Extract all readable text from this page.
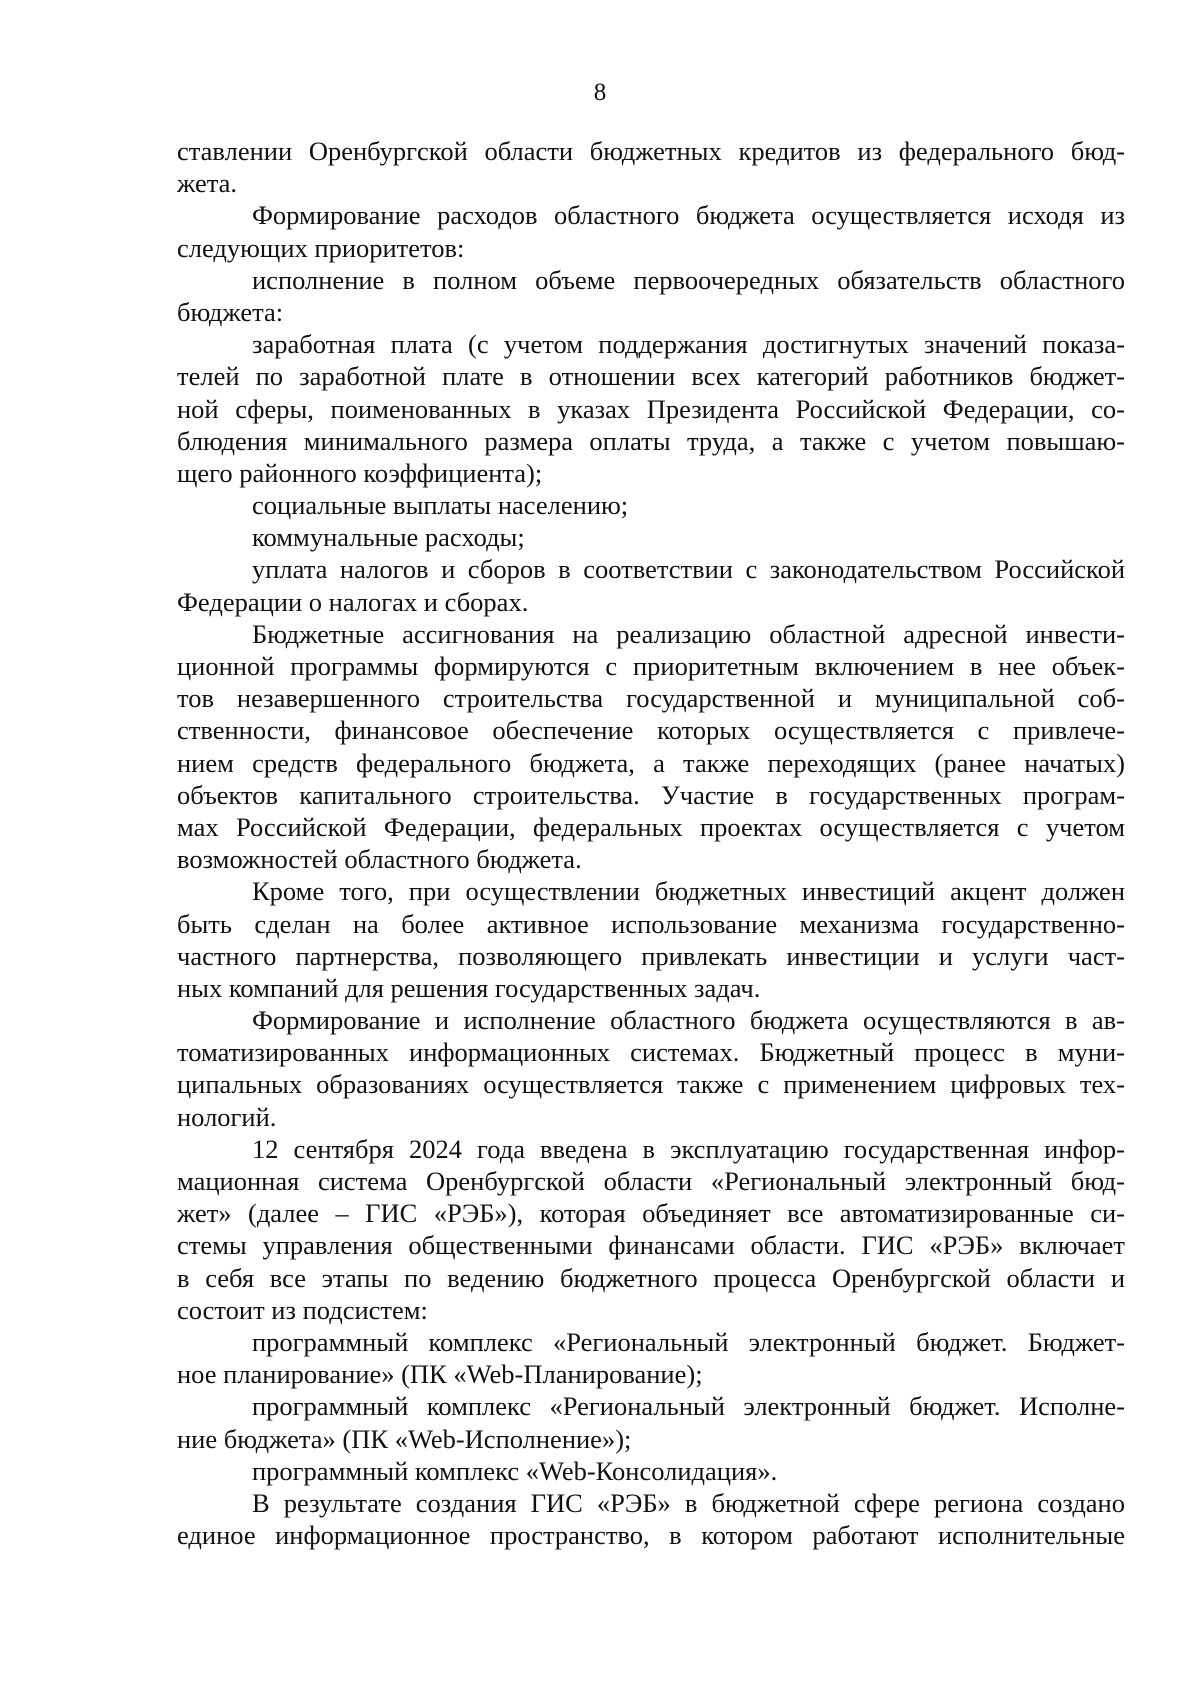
8
ставлении Оренбургской области бюджетных кредитов из федерального бюд-
жета.
Формирование расходов областного бюджета осуществляется исходя из
следующих приоритетов:
исполнение в полном объеме первоочередных обязательств областного
бюджета:
заработная плата (с учетом поддержания достигнутых значений показа-
телей по заработной плате в отношении всех категорий работников бюджет-
ной сферы, поименованных в указах Президента Российской Федерации, со-
блюдения минимального размера оплаты труда, а также с учетом повышаю-
щего районного коэффициента);
социальные выплаты населению;
коммунальные расходы;
уплата налогов и сборов в соответствии с законодательством Российской
Федерации о налогах и сборах.
Бюджетные ассигнования на реализацию областной адресной инвести-
ционной программы формируются с приоритетным включением в нее объек-
тов незавершенного строительства государственной и муниципальной соб-
ственности, финансовое обеспечение которых осуществляется с привлече-
нием средств федерального бюджета, а также переходящих (ранее начатых)
объектов капитального строительства. Участие в государственных програм-
мах Российской Федерации, федеральных проектах осуществляется с учетом
возможностей областного бюджета.
Кроме того, при осуществлении бюджетных инвестиций акцент должен
быть сделан на более активное использование механизма государственно-
частного партнерства, позволяющего привлекать инвестиции и услуги част-
ных компаний для решения государственных задач.
Формирование и исполнение областного бюджета осуществляются в ав-
томатизированных информационных системах. Бюджетный процесс в муни-
ципальных образованиях осуществляется также с применением цифровых тех-
нологий.
12 сентября 2024 года введена в эксплуатацию государственная инфор-
мационная система Оренбургской области «Региональный электронный бюд-
жет» (далее – ГИС «РЭБ»), которая объединяет все автоматизированные си-
стемы управления общественными финансами области. ГИС «РЭБ» включает
в себя все этапы по ведению бюджетного процесса Оренбургской области и
состоит из подсистем:
программный комплекс «Региональный электронный бюджет. Бюджет-
ное планирование» (ПК «Web-Планирование);
программный комплекс «Региональный электронный бюджет. Исполне-
ние бюджета» (ПК «Web-Исполнение»);
программный комплекс «Web-Консолидация».
В результате создания ГИС «РЭБ» в бюджетной сфере региона создано
единое информационное пространство, в котором работают исполнительные
